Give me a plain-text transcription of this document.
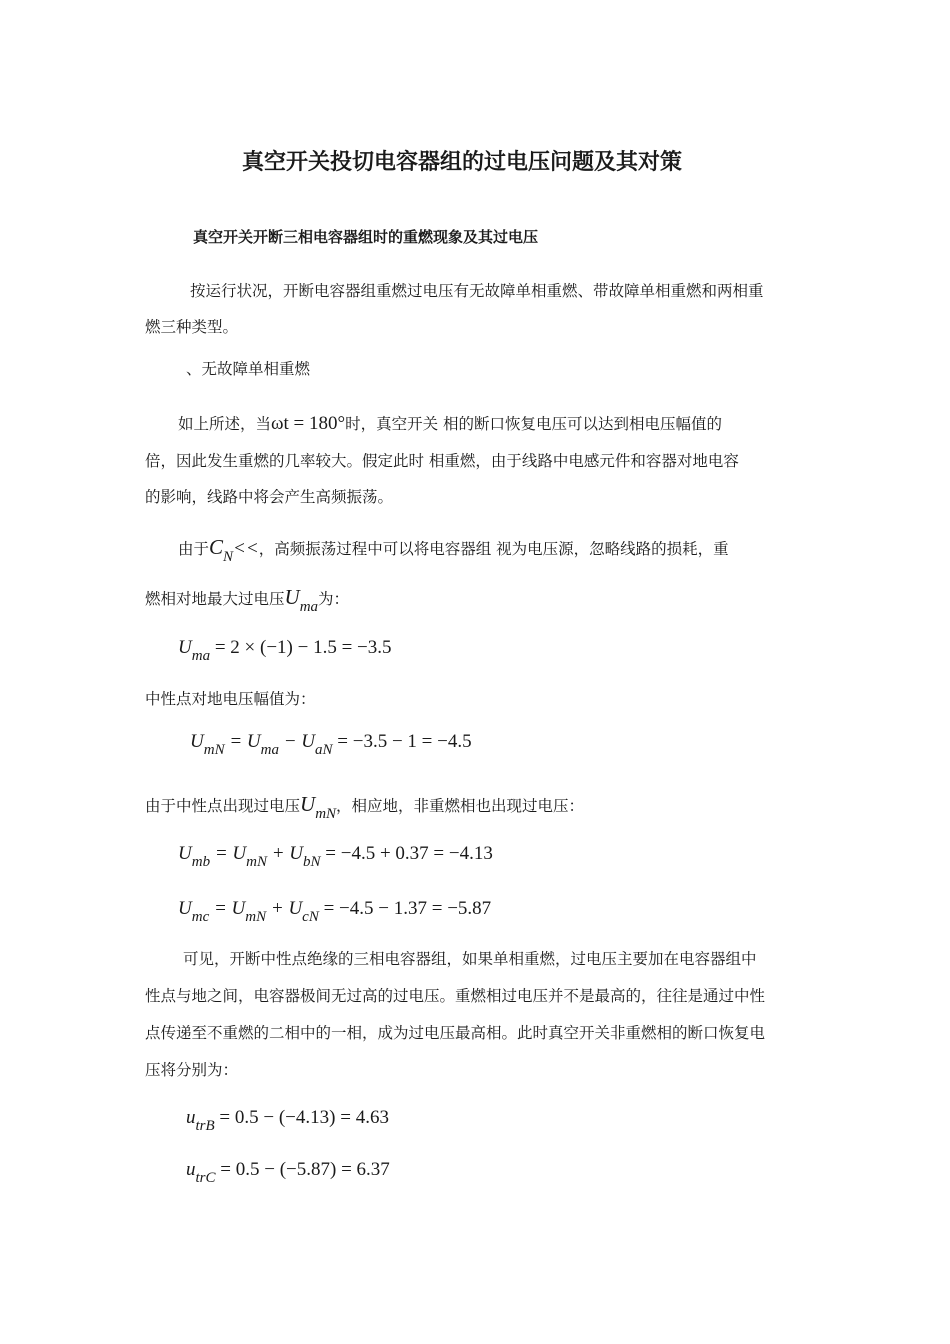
真空开关投切电容器组的过电压问题及其对策
真空开关开断三相电容器组时的重燃现象及其过电压
按运行状况，开断电容器组重燃过电压有无故障单相重燃、带故障单相重燃和两相重
燃三种类型。
、无故障单相重燃
如上所述，当ωt = 180°时，真空开关 相的断口恢复电压可以达到相电压幅值的
倍，因此发生重燃的几率较大。假定此时 相重燃，由于线路中电感元件和容器对地电容
的影响，线路中将会产生高频振荡。
由于$C_N<<$，高频振荡过程中可以将电容器组 视为电压源，忽略线路的损耗，重
燃相对地最大过电压$U_{ma}$为：
$U_{ma} = 2 \times (-1) - 1.5 = -3.5$
中性点对地电压幅值为：
$U_{mN} = U_{ma} - U_{aN} = -3.5 - 1 = -4.5$
由于中性点出现过电压$U_{mN}$，相应地，非重燃相也出现过电压：
$U_{mb} = U_{mN} + U_{bN} = -4.5 + 0.37 = -4.13$
$U_{mc} = U_{mN} + U_{cN} = -4.5 - 1.37 = -5.87$
可见，开断中性点绝缘的三相电容器组，如果单相重燃，过电压主要加在电容器组中
性点与地之间，电容器极间无过高的过电压。重燃相过电压并不是最高的，往往是通过中性
点传递至不重燃的二相中的一相，成为过电压最高相。此时真空开关非重燃相的断口恢复电
压将分别为：
$u_{trB} = 0.5 - (-4.13) = 4.63$
$u_{trC} = 0.5 - (-5.87) = 6.37$
